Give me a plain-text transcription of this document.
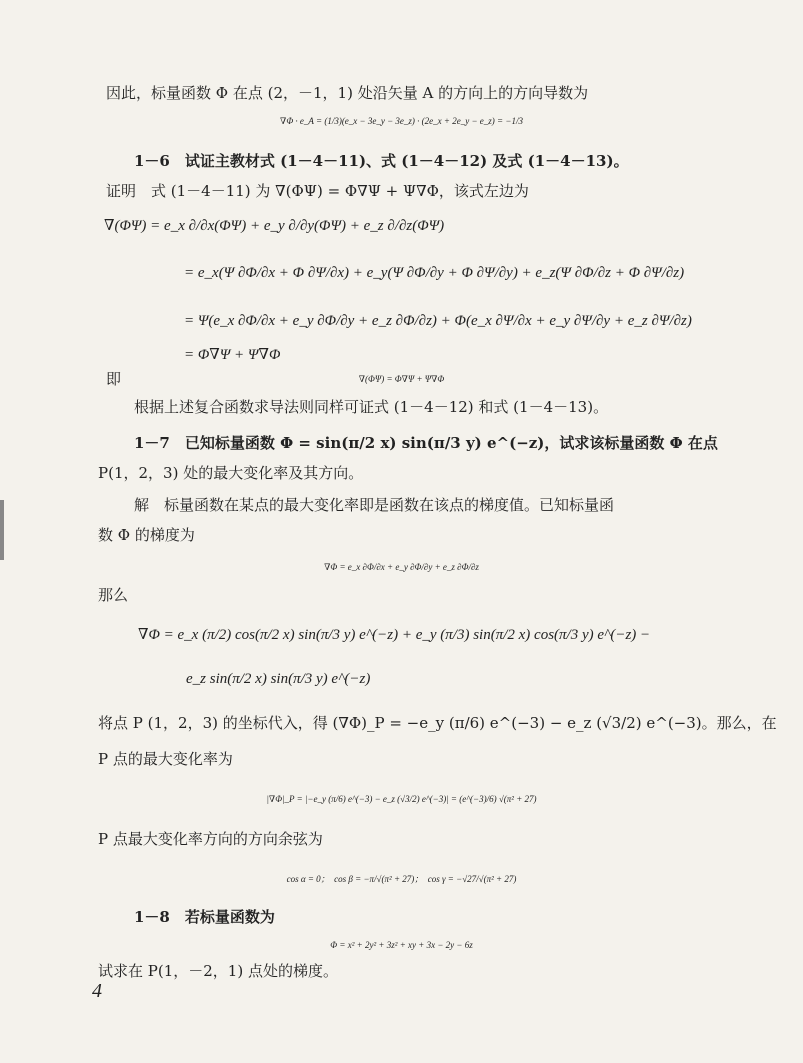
因此，标量函数 Φ 在点 (2，－1，1) 处沿矢量 A 的方向上的方向导数为
∇Φ · e_A = (1/3)(e_x − 3e_y − 3e_z) · (2e_x + 2e_y − e_z) = −1/3
1－6　试证主教材式 (1－4－11)、式 (1－4－12) 及式 (1－4－13)。
证明　式 (1－4－11) 为 ∇(ΦΨ) = Φ∇Ψ + Ψ∇Φ，该式左边为
∇(ΦΨ) = e_x ∂/∂x(ΦΨ) + e_y ∂/∂y(ΦΨ) + e_z ∂/∂z(ΦΨ)
= e_x(Ψ ∂Φ/∂x + Φ ∂Ψ/∂x) + e_y(Ψ ∂Φ/∂y + Φ ∂Ψ/∂y) + e_z(Ψ ∂Φ/∂z + Φ ∂Ψ/∂z)
= Ψ(e_x ∂Φ/∂x + e_y ∂Φ/∂y + e_z ∂Φ/∂z) + Φ(e_x ∂Ψ/∂x + e_y ∂Ψ/∂y + e_z ∂Ψ/∂z)
= Φ∇Ψ + Ψ∇Φ
即	∇(ΦΨ) = Φ∇Ψ + Ψ∇Φ
根据上述复合函数求导法则同样可证式 (1－4－12) 和式 (1－4－13)。
1－7　已知标量函数 Φ = sin(π/2 x) sin(π/3 y) e^(−z)，试求该标量函数 Φ 在点
P(1，2，3) 处的最大变化率及其方向。
解　标量函数在某点的最大变化率即是函数在该点的梯度值。已知标量函
数 Φ 的梯度为
∇Φ = e_x ∂Φ/∂x + e_y ∂Φ/∂y + e_z ∂Φ/∂z
那么
∇Φ = e_x (π/2) cos(π/2 x) sin(π/3 y) e^(−z) + e_y (π/3) sin(π/2 x) cos(π/3 y) e^(−z) −
e_z sin(π/2 x) sin(π/3 y) e^(−z)
将点 P (1，2，3) 的坐标代入，得 (∇Φ)_P = −e_y (π/6) e^(−3) − e_z (√3/2) e^(−3)。那么，在
P 点的最大变化率为
|∇Φ|_P = |−e_y (π/6) e^(−3) − e_z (√3/2) e^(−3)| = (e^(−3)/6) √(π² + 27)
P 点最大变化率方向的方向余弦为
cos α = 0；　cos β = −π/√(π² + 27)；　cos γ = −√27/√(π² + 27)
1－8　若标量函数为
Φ = x² + 2y² + 3z² + xy + 3x − 2y − 6z
试求在 P(1，－2，1) 点处的梯度。
4
